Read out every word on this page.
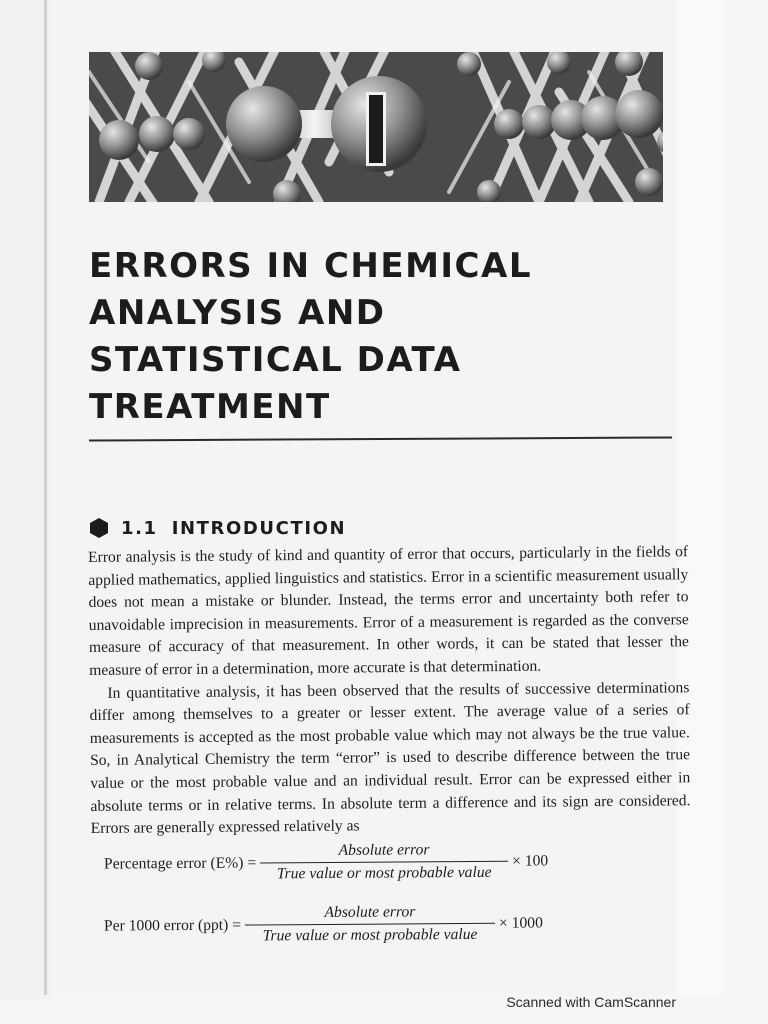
ERRORS IN CHEMICAL
ANALYSIS AND
STATISTICAL DATA
TREATMENT
1.1 INTRODUCTION

Error analysis is the study of kind and quantity of error that occurs, particularly in the fields of applied mathematics, applied linguistics and statistics. Error in a scientific measurement usually does not mean a mistake or blunder. Instead, the terms error and uncertainty both refer to unavoidable imprecision in measurements. Error of a measurement is regarded as the converse measure of accuracy of that measurement. In other words, it can be stated that lesser the measure of error in a determination, more accurate is that determination.

In quantitative analysis, it has been observed that the results of successive determinations differ among themselves to a greater or lesser extent. The average value of a series of measurements is accepted as the most probable value which may not always be the true value. So, in Analytical Chemistry the term “error” is used to describe difference between the true value or the most probable value and an individual result. Error can be expressed either in absolute terms or in relative terms. In absolute term a difference and its sign are considered. Errors are generally expressed relatively as

Percentage error $(E\%) = \frac{\text{Absolute error}}{\text{True value or most probable value}} \times 100$
Per 1000 error $(ppt) = \frac{\text{Absolute error}}{\text{True value or most probable value}} \times 1000$
Scanned with CamScanner
